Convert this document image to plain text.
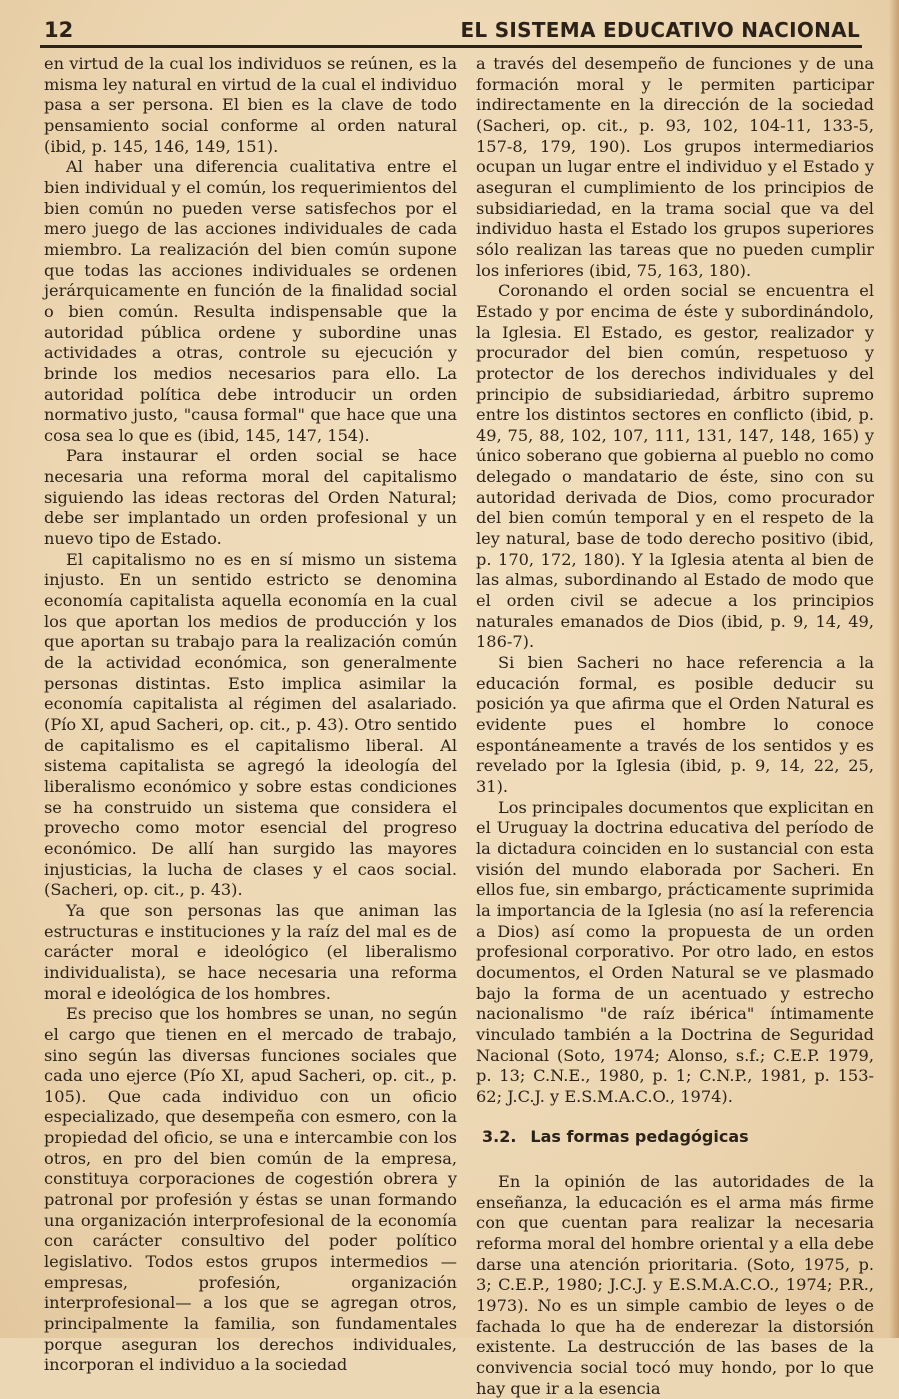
12	EL SISTEMA EDUCATIVO NACIONAL

en virtud de la cual los individuos se reúnen, es la misma ley natural en virtud de la cual el individuo pasa a ser persona. El bien es la clave de todo pensamiento social conforme al orden natural (ibid, p. 145, 146, 149, 151).

Al haber una diferencia cualitativa entre el bien individual y el común, los requerimientos del bien común no pueden verse satisfechos por el mero juego de las acciones individuales de cada miembro. La realización del bien común supone que todas las acciones individuales se ordenen jerárquicamente en función de la finalidad social o bien común. Resulta indispensable que la autoridad pública ordene y subordine unas actividades a otras, controle su ejecución y brinde los medios necesarios para ello. La autoridad política debe introducir un orden normativo justo, "causa formal" que hace que una cosa sea lo que es (ibid, 145, 147, 154).

Para instaurar el orden social se hace necesaria una reforma moral del capitalismo siguiendo las ideas rectoras del Orden Natural; debe ser implantado un orden profesional y un nuevo tipo de Estado.

El capitalismo no es en sí mismo un sistema injusto. En un sentido estricto se denomina economía capitalista aquella economía en la cual los que aportan los medios de producción y los que aportan su trabajo para la realización común de la actividad económica, son generalmente personas distintas. Esto implica asimilar la economía capitalista al régimen del asalariado. (Pío XI, apud Sacheri, op. cit., p. 43). Otro sentido de capitalismo es el capitalismo liberal. Al sistema capitalista se agregó la ideología del liberalismo económico y sobre estas condiciones se ha construido un sistema que considera el provecho como motor esencial del progreso económico. De allí han surgido las mayores injusticias, la lucha de clases y el caos social. (Sacheri, op. cit., p. 43).

Ya que son personas las que animan las estructuras e instituciones y la raíz del mal es de carácter moral e ideológico (el liberalismo individualista), se hace necesaria una reforma moral e ideológica de los hombres.

Es preciso que los hombres se unan, no según el cargo que tienen en el mercado de trabajo, sino según las diversas funciones sociales que cada uno ejerce (Pío XI, apud Sacheri, op. cit., p. 105). Que cada individuo con un oficio especializado, que desempeña con esmero, con la propiedad del oficio, se una e intercambie con los otros, en pro del bien común de la empresa, constituya corporaciones de cogestión obrera y patronal por profesión y éstas se unan formando una organización interprofesional de la economía con carácter consultivo del poder político legislativo. Todos estos grupos intermedios —empresas, profesión, organización interprofesional— a los que se agregan otros, principalmente la familia, son fundamentales porque aseguran los derechos individuales, incorporan el individuo a la sociedad

a través del desempeño de funciones y de una formación moral y le permiten participar indirectamente en la dirección de la sociedad (Sacheri, op. cit., p. 93, 102, 104-11, 133-5, 157-8, 179, 190). Los grupos intermediarios ocupan un lugar entre el individuo y el Estado y aseguran el cumplimiento de los principios de subsidiariedad, en la trama social que va del individuo hasta el Estado los grupos superiores sólo realizan las tareas que no pueden cumplir los inferiores (ibid, 75, 163, 180).

Coronando el orden social se encuentra el Estado y por encima de éste y subordinándolo, la Iglesia. El Estado, es gestor, realizador y procurador del bien común, respetuoso y protector de los derechos individuales y del principio de subsidiariedad, árbitro supremo entre los distintos sectores en conflicto (ibid, p. 49, 75, 88, 102, 107, 111, 131, 147, 148, 165) y único soberano que gobierna al pueblo no como delegado o mandatario de éste, sino con su autoridad derivada de Dios, como procurador del bien común temporal y en el respeto de la ley natural, base de todo derecho positivo (ibid, p. 170, 172, 180). Y la Iglesia atenta al bien de las almas, subordinando al Estado de modo que el orden civil se adecue a los principios naturales emanados de Dios (ibid, p. 9, 14, 49, 186-7).

Si bien Sacheri no hace referencia a la educación formal, es posible deducir su posición ya que afirma que el Orden Natural es evidente pues el hombre lo conoce espontáneamente a través de los sentidos y es revelado por la Iglesia (ibid, p. 9, 14, 22, 25, 31).

Los principales documentos que explicitan en el Uruguay la doctrina educativa del período de la dictadura coinciden en lo sustancial con esta visión del mundo elaborada por Sacheri. En ellos fue, sin embargo, prácticamente suprimida la importancia de la Iglesia (no así la referencia a Dios) así como la propuesta de un orden profesional corporativo. Por otro lado, en estos documentos, el Orden Natural se ve plasmado bajo la forma de un acentuado y estrecho nacionalismo "de raíz ibérica" íntimamente vinculado también a la Doctrina de Seguridad Nacional (Soto, 1974; Alonso, s.f.; C.E.P. 1979, p. 13; C.N.E., 1980, p. 1; C.N.P., 1981, p. 153-62; J.C.J. y E.S.M.A.C.O., 1974).

3.2. Las formas pedagógicas

En la opinión de las autoridades de la enseñanza, la educación es el arma más firme con que cuentan para realizar la necesaria reforma moral del hombre oriental y a ella debe darse una atención prioritaria. (Soto, 1975, p. 3; C.E.P., 1980; J.C.J. y E.S.M.A.C.O., 1974; P.R., 1973). No es un simple cambio de leyes o de fachada lo que ha de enderezar la distorsión existente. La destrucción de las bases de la convivencia social tocó muy hondo, por lo que hay que ir a la esencia
